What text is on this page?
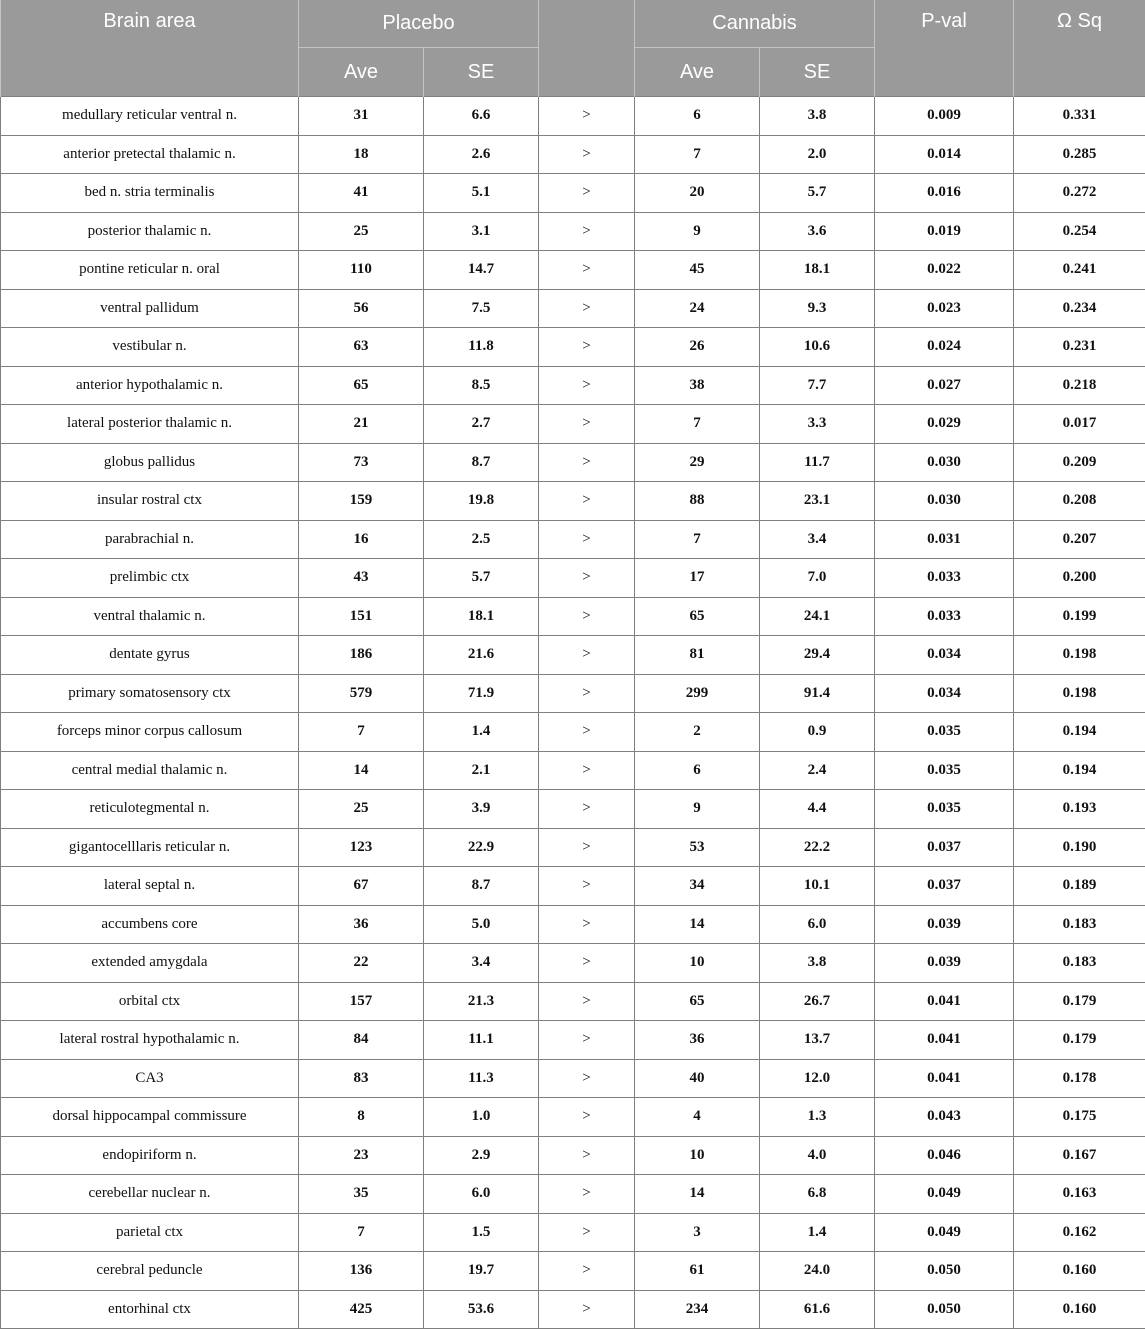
Brain area	Placebo			Cannabis		P-val	Ω Sq
	Ave	SE		Ave	SE		
medullary reticular ventral n.	31	6.6	>	6	3.8	0.009	0.331
anterior pretectal thalamic n.	18	2.6	>	7	2.0	0.014	0.285
bed n. stria terminalis	41	5.1	>	20	5.7	0.016	0.272
posterior thalamic n.	25	3.1	>	9	3.6	0.019	0.254
pontine reticular n. oral	110	14.7	>	45	18.1	0.022	0.241
ventral pallidum	56	7.5	>	24	9.3	0.023	0.234
vestibular n.	63	11.8	>	26	10.6	0.024	0.231
anterior hypothalamic n.	65	8.5	>	38	7.7	0.027	0.218
lateral posterior thalamic n.	21	2.7	>	7	3.3	0.029	0.017
globus pallidus	73	8.7	>	29	11.7	0.030	0.209
insular rostral ctx	159	19.8	>	88	23.1	0.030	0.208
parabrachial n.	16	2.5	>	7	3.4	0.031	0.207
prelimbic ctx	43	5.7	>	17	7.0	0.033	0.200
ventral thalamic n.	151	18.1	>	65	24.1	0.033	0.199
dentate gyrus	186	21.6	>	81	29.4	0.034	0.198
primary somatosensory ctx	579	71.9	>	299	91.4	0.034	0.198
forceps minor corpus callosum	7	1.4	>	2	0.9	0.035	0.194
central medial thalamic n.	14	2.1	>	6	2.4	0.035	0.194
reticulotegmental n.	25	3.9	>	9	4.4	0.035	0.193
gigantocelllaris reticular n.	123	22.9	>	53	22.2	0.037	0.190
lateral septal n.	67	8.7	>	34	10.1	0.037	0.189
accumbens core	36	5.0	>	14	6.0	0.039	0.183
extended amygdala	22	3.4	>	10	3.8	0.039	0.183
orbital ctx	157	21.3	>	65	26.7	0.041	0.179
lateral rostral hypothalamic n.	84	11.1	>	36	13.7	0.041	0.179
CA3	83	11.3	>	40	12.0	0.041	0.178
dorsal hippocampal commissure	8	1.0	>	4	1.3	0.043	0.175
endopiriform n.	23	2.9	>	10	4.0	0.046	0.167
cerebellar nuclear n.	35	6.0	>	14	6.8	0.049	0.163
parietal ctx	7	1.5	>	3	1.4	0.049	0.162
cerebral peduncle	136	19.7	>	61	24.0	0.050	0.160
entorhinal ctx	425	53.6	>	234	61.6	0.050	0.160
